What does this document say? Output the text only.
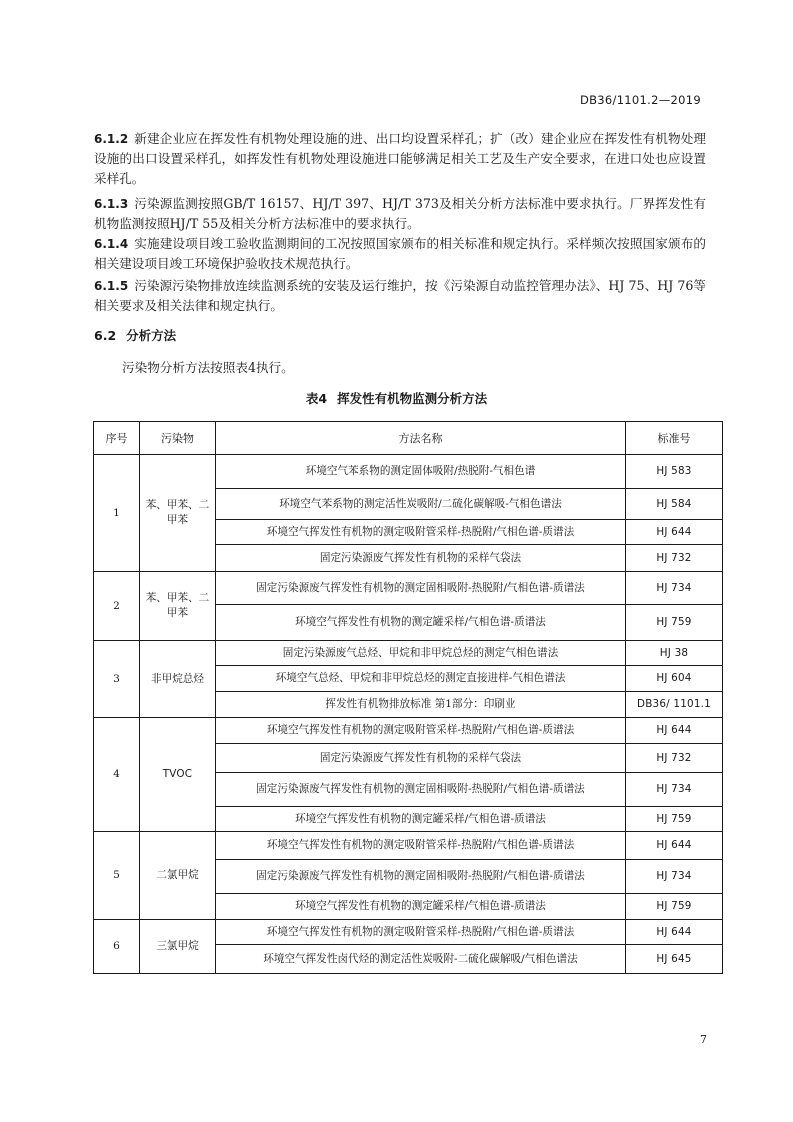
DB36/1101.2—2019
6.1.2 新建企业应在挥发性有机物处理设施的进、出口均设置采样孔；扩（改）建企业应在挥发性有机物处理设施的出口设置采样孔，如挥发性有机物处理设施进口能够满足相关工艺及生产安全要求，在进口处也应设置采样孔。
6.1.3 污染源监测按照GB/T 16157、HJ/T 397、HJ/T 373及相关分析方法标准中要求执行。厂界挥发性有机物监测按照HJ/T 55及相关分析方法标准中的要求执行。
6.1.4 实施建设项目竣工验收监测期间的工况按照国家颁布的相关标准和规定执行。采样频次按照国家颁布的相关建设项目竣工环境保护验收技术规范执行。
6.1.5 污染源污染物排放连续监测系统的安装及运行维护，按《污染源自动监控管理办法》、HJ 75、HJ 76等相关要求及相关法律和规定执行。
6.2 分析方法
污染物分析方法按照表4执行。
表4 挥发性有机物监测分析方法
序号	污染物	方法名称	标准号
1	苯、甲苯、二甲苯	环境空气苯系物的测定固体吸附/热脱附-气相色谱	HJ 583
		环境空气苯系物的测定活性炭吸附/二硫化碳解吸-气相色谱法	HJ 584
		环境空气挥发性有机物的测定吸附管采样-热脱附/气相色谱-质谱法	HJ 644
		固定污染源废气挥发性有机物的采样气袋法	HJ 732
2	苯、甲苯、二甲苯	固定污染源废气挥发性有机物的测定固相吸附-热脱附/气相色谱-质谱法	HJ 734
		环境空气挥发性有机物的测定罐采样/气相色谱-质谱法	HJ 759
3	非甲烷总烃	固定污染源废气总烃、甲烷和非甲烷总烃的测定气相色谱法	HJ 38
		环境空气总烃、甲烷和非甲烷总烃的测定直接进样-气相色谱法	HJ 604
		挥发性有机物排放标准 第1部分：印刷业	DB36/ 1101.1
4	TVOC	环境空气挥发性有机物的测定吸附管采样-热脱附/气相色谱-质谱法	HJ 644
		固定污染源废气挥发性有机物的采样气袋法	HJ 732
		固定污染源废气挥发性有机物的测定固相吸附-热脱附/气相色谱-质谱法	HJ 734
		环境空气挥发性有机物的测定罐采样/气相色谱-质谱法	HJ 759
5	二氯甲烷	环境空气挥发性有机物的测定吸附管采样-热脱附/气相色谱-质谱法	HJ 644
		固定污染源废气挥发性有机物的测定固相吸附-热脱附/气相色谱-质谱法	HJ 734
		环境空气挥发性有机物的测定罐采样/气相色谱-质谱法	HJ 759
6	三氯甲烷	环境空气挥发性有机物的测定吸附管采样-热脱附/气相色谱-质谱法	HJ 644
		环境空气挥发性卤代烃的测定活性炭吸附-二硫化碳解吸/气相色谱法	HJ 645
7
